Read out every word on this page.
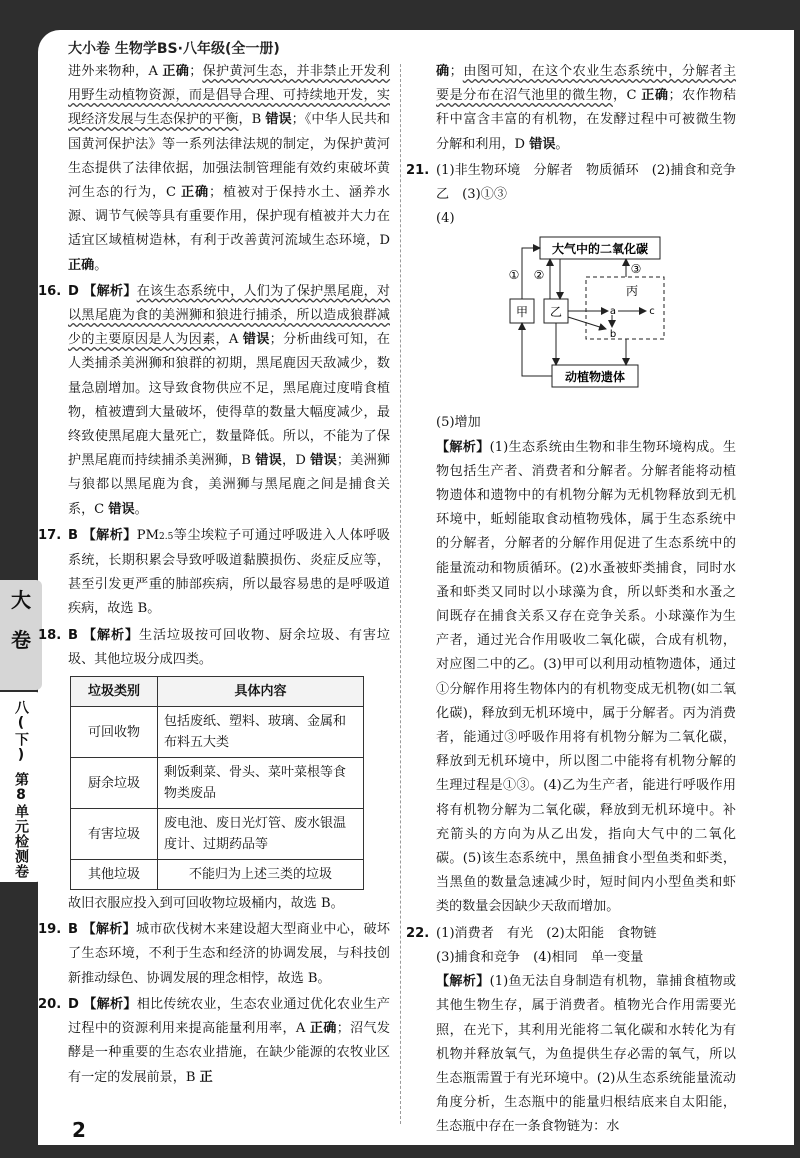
大小卷 生物学BS·八年级(全一册)
大
卷
八(下)
第8单元检测卷

进外来物种，A 正确；保护黄河生态，并非禁止开发利用野生动植物资源，而是倡导合理、可持续地开发，实现经济发展与生态保护的平衡，B 错误；《中华人民共和国黄河保护法》等一系列法律法规的制定，为保护黄河生态提供了法律依据，加强法制管理能有效约束破坏黄河生态的行为，C 正确；植被对于保持水土、涵养水源、调节气候等具有重要作用，保护现有植被并大力在适宜区域植树造林，有利于改善黄河流域生态环境，D 正确。

16. D 【解析】在该生态系统中，人们为了保护黑尾鹿，对以黑尾鹿为食的美洲狮和狼进行捕杀，所以造成狼群减少的主要原因是人为因素，A 错误；分析曲线可知，在人类捕杀美洲狮和狼群的初期，黑尾鹿因天敌减少，数量急剧增加。这导致食物供应不足，黑尾鹿过度啃食植物，植被遭到大量破坏，使得草的数量大幅度减少，最终致使黑尾鹿大量死亡，数量降低。所以，不能为了保护黑尾鹿而持续捕杀美洲狮，B 错误，D 错误；美洲狮与狼都以黑尾鹿为食，美洲狮与黑尾鹿之间是捕食关系，C 错误。

17. B 【解析】PM2.5等尘埃粒子可通过呼吸进入人体呼吸系统，长期积累会导致呼吸道黏膜损伤、炎症反应等，甚至引发更严重的肺部疾病，所以最容易患的是呼吸道疾病，故选 B。

18. B 【解析】生活垃圾按可回收物、厨余垃圾、有害垃圾、其他垃圾分成四类。

垃圾类别	具体内容
可回收物	包括废纸、塑料、玻璃、金属和布料五大类
厨余垃圾	剩饭剩菜、骨头、菜叶菜根等食物类废品
有害垃圾	废电池、废日光灯管、废水银温度计、过期药品等
其他垃圾	不能归为上述三类的垃圾

故旧衣服应投入到可回收物垃圾桶内，故选 B。

19. B 【解析】城市砍伐树木来建设超大型商业中心，破坏了生态环境，不利于生态和经济的协调发展，与科技创新推动绿色、协调发展的理念相悖，故选 B。

20. D 【解析】相比传统农业，生态农业通过优化农业生产过程中的资源利用来提高能量利用率，A 正确；沼气发酵是一种重要的生态农业措施，在缺少能源的农牧业区有一定的发展前景，B 正

确；由图可知，在这个农业生态系统中，分解者主要是分布在沼气池里的微生物，C 正确；农作物秸秆中富含丰富的有机物，在发酵过程中可被微生物分解和利用，D 错误。

21. (1)非生物环境　分解者　物质循环　(2)捕食和竞争　乙　(3)①③

(4)

大气中的二氧化碳
甲 乙
丙
动植物遗体
① ②	③
a
b
c

(5)增加

【解析】(1)生态系统由生物和非生物环境构成。生物包括生产者、消费者和分解者。分解者能将动植物遗体和遗物中的有机物分解为无机物释放到无机环境中，蚯蚓能取食动植物残体，属于生态系统中的分解者，分解者的分解作用促进了生态系统中的能量流动和物质循环。(2)水蚤被虾类捕食，同时水蚤和虾类又同时以小球藻为食，所以虾类和水蚤之间既存在捕食关系又存在竞争关系。小球藻作为生产者，通过光合作用吸收二氧化碳，合成有机物，对应图二中的乙。(3)甲可以利用动植物遗体，通过①分解作用将生物体内的有机物变成无机物(如二氧化碳)，释放到无机环境中，属于分解者。丙为消费者，能通过③呼吸作用将有机物分解为二氧化碳，释放到无机环境中，所以图二中能将有机物分解的生理过程是①③。(4)乙为生产者，能进行呼吸作用将有机物分解为二氧化碳，释放到无机环境中。补充箭头的方向为从乙出发，指向大气中的二氧化碳。(5)该生态系统中，黑鱼捕食小型鱼类和虾类，当黑鱼的数量急速减少时，短时间内小型鱼类和虾类的数量会因缺少天敌而增加。

22. (1)消费者　有光　(2)太阳能　食物链

(3)捕食和竞争　(4)相同　单一变量

【解析】(1)鱼无法自身制造有机物，靠捕食植物或其他生物生存，属于消费者。植物光合作用需要光照，在光下，其利用光能将二氧化碳和水转化为有机物并释放氧气，为鱼提供生存必需的氧气，所以生态瓶需置于有光环境中。(2)从生态系统能量流动角度分析，生态瓶中的能量归根结底来自太阳能，生态瓶中存在一条食物链为：水

2
